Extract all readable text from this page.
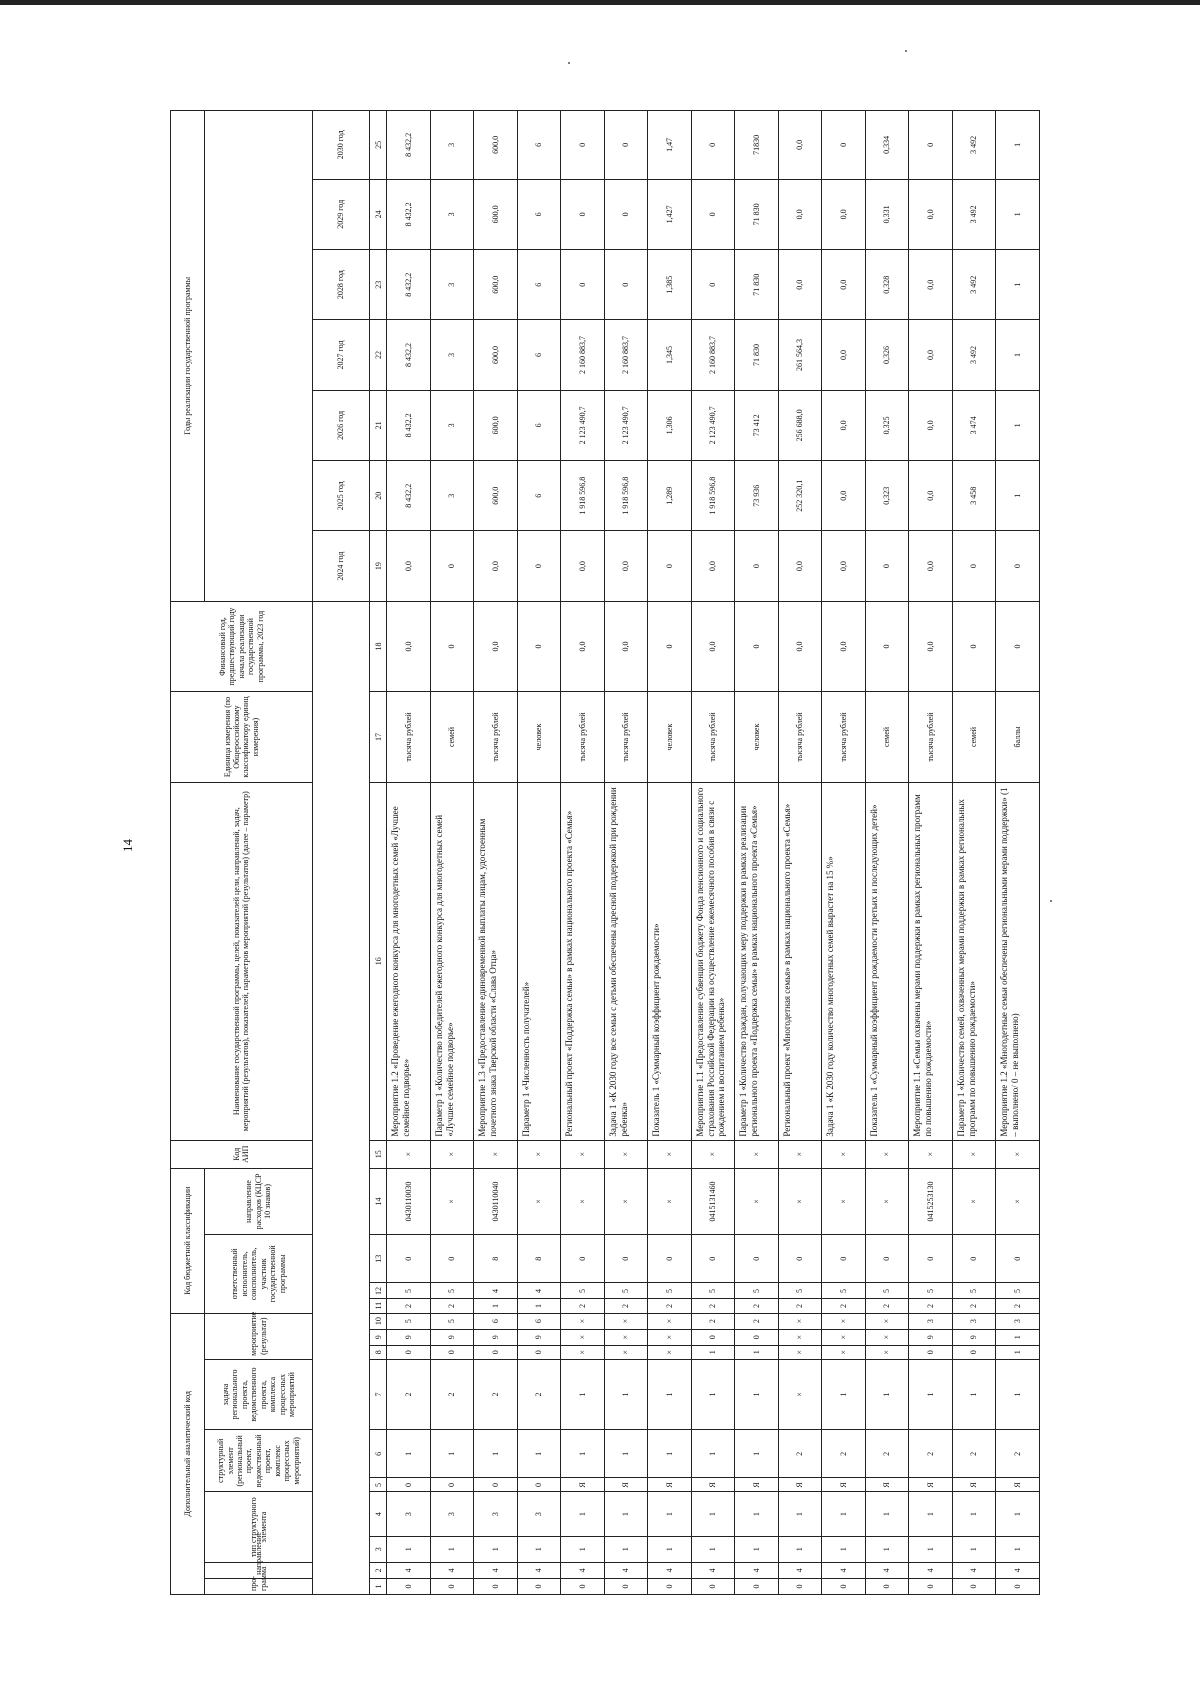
14
Дополнительный аналитический код										Код бюджетной классификации				Код АИП	Наименование государственной программы, целей, показателей цели, направлений, задач, мероприятий (результатов), показателей, параметров мероприятий (результатов) (далее – параметр)	Единица измерения (по Общероссийскому классификатору единиц измерения)	Финансовый год, предшествующий году начала реализации государственной программы, 2023 год	Годы реализации государственной программы						
про-грамма	направление	тип структурного элемента		структурный элемент (региональный проект, ведомственный проект, комплекс процессных мероприятий)		задача регионального проекта, ведомственного проекта, комплекса процессных мероприятий	мероприятие (результат)			ответственный исполнитель, соисполнитель, участник государственной программы			направление расходов (КЦСР 10 знаков)											

																		2024 год	2025 год	2026 год	2027 год	2028 год	2029 год	2030 год
1	2	3	4	5	6	7	8	9	10	11	12	13	14	15	16	17	18	19	20	21	22	23	24	25
0	4	1	3	0	1	2	0	9	5	2	5	0	0430110030	×	Мероприятие 1.2 «Проведение ежегодного конкурса для многодетных семей «Лучшее семейное подворье»	тысяча рублей	0,0	0,0	8 432,2	8 432,2	8 432,2	8 432,2	8 432,2	8 432,2
0	4	1	3	0	1	2	0	9	5	2	5	0	×	×	Параметр 1 «Количество победителей ежегодного конкурса для многодетных семей «Лучшее семейное подворье»	семей	0	0	3	3	3	3	3	3
0	4	1	3	0	1	2	0	9	6	1	4	8	0430110040	×	Мероприятие 1.3 «Предоставление единовременной выплаты лицам, удостоенным почетного знака Тверской области «Слава Отца»	тысяча рублей	0,0	0,0	600,0	600,0	600,0	600,0	600,0	600,0
0	4	1	3	0	1	2	0	9	6	1	4	8	×	×	Параметр 1 «Численность получателей»	человек	0	0	6	6	6	6	6	6
0	4	1	1	Я	1	1	×	×	×	2	5	0	×	×	Региональный проект «Поддержка семьи» в рамках национального проекта «Семья»	тысяча рублей	0,0	0,0	1 918 596,8	2 123 490,7	2 160 883,7	0	0	0
0	4	1	1	Я	1	1	×	×	×	2	5	0	×	×	Задача 1 «К 2030 году все семьи с детьми обеспечены адресной поддержкой при рождении ребенка»	тысяча рублей	0,0	0,0	1 918 596,8	2 123 490,7	2 160 883,7	0	0	0
0	4	1	1	Я	1	1	×	×	×	2	5	0	×	×	Показатель 1 «Суммарный коэффициент рождаемости»	человек	0	0	1,289	1,306	1,345	1,385	1,427	1,47
0	4	1	1	Я	1	1	1	0	2	2	5	0	0415131460	×	Мероприятие 1.1 «Предоставление субвенции бюджету Фонда пенсионного и социального страхования Российской Федерации на осуществление ежемесячного пособия в связи с рождением и воспитанием ребенка»	тысяча рублей	0,0	0,0	1 918 596,8	2 123 490,7	2 160 883,7	0	0	0
0	4	1	1	Я	1	1	1	0	2	2	5	0	×	×	Параметр 1 «Количество граждан, получающих меру поддержки в рамках реализации регионального проекта «Поддержка семьи» в рамках национального проекта «Семья»	человек	0	0	73 936	73 412	71 830	71 830	71 830	71830
0	4	1	1	Я	2	×	×	×	×	2	5	0	×	×	Региональный проект «Многодетная семья» в рамках национального проекта «Семья»	тысяча рублей	0,0	0,0	252 320,1	256 688,0	261 564,3	0,0	0,0	0,0
0	4	1	1	Я	2	1	×	×	×	2	5	0	×	×	Задача 1 «К 2030 году количество многодетных семей вырастет на 15 %»	тысяча рублей	0,0	0,0	0,0	0,0	0,0	0,0	0,0	0
0	4	1	1	Я	2	1	×	×	×	2	5	0	×	×	Показатель 1 «Суммарный коэффициент рождаемости третьих и последующих детей»	семей	0	0	0,323	0,325	0,326	0,328	0,331	0,334
0	4	1	1	Я	2	1	0	9	3	2	5	0	0415253130	×	Мероприятие 1.1 «Семьи охвачены мерами поддержки в рамках региональных программ по повышению рождаемости»	тысяча рублей	0,0	0,0	0,0	0,0	0,0	0,0	0,0	0
0	4	1	1	Я	2	1	0	9	3	2	5	0	×	×	Параметр 1 «Количество семей, охваченных мерами поддержки в рамках региональных программ по повышению рождаемости»	семей	0	0	3 458	3 474	3 492	3 492	3 492	3 492
0	4	1	1	Я	2	1	1	1	3	2	5	0	×	×	Мероприятие 1.2 «Многодетные семьи обеспечены региональными мерами поддержки» (1 – выполнено/ 0 – не выполнено)	баллы	0	0	1	1	1	1	1	1
